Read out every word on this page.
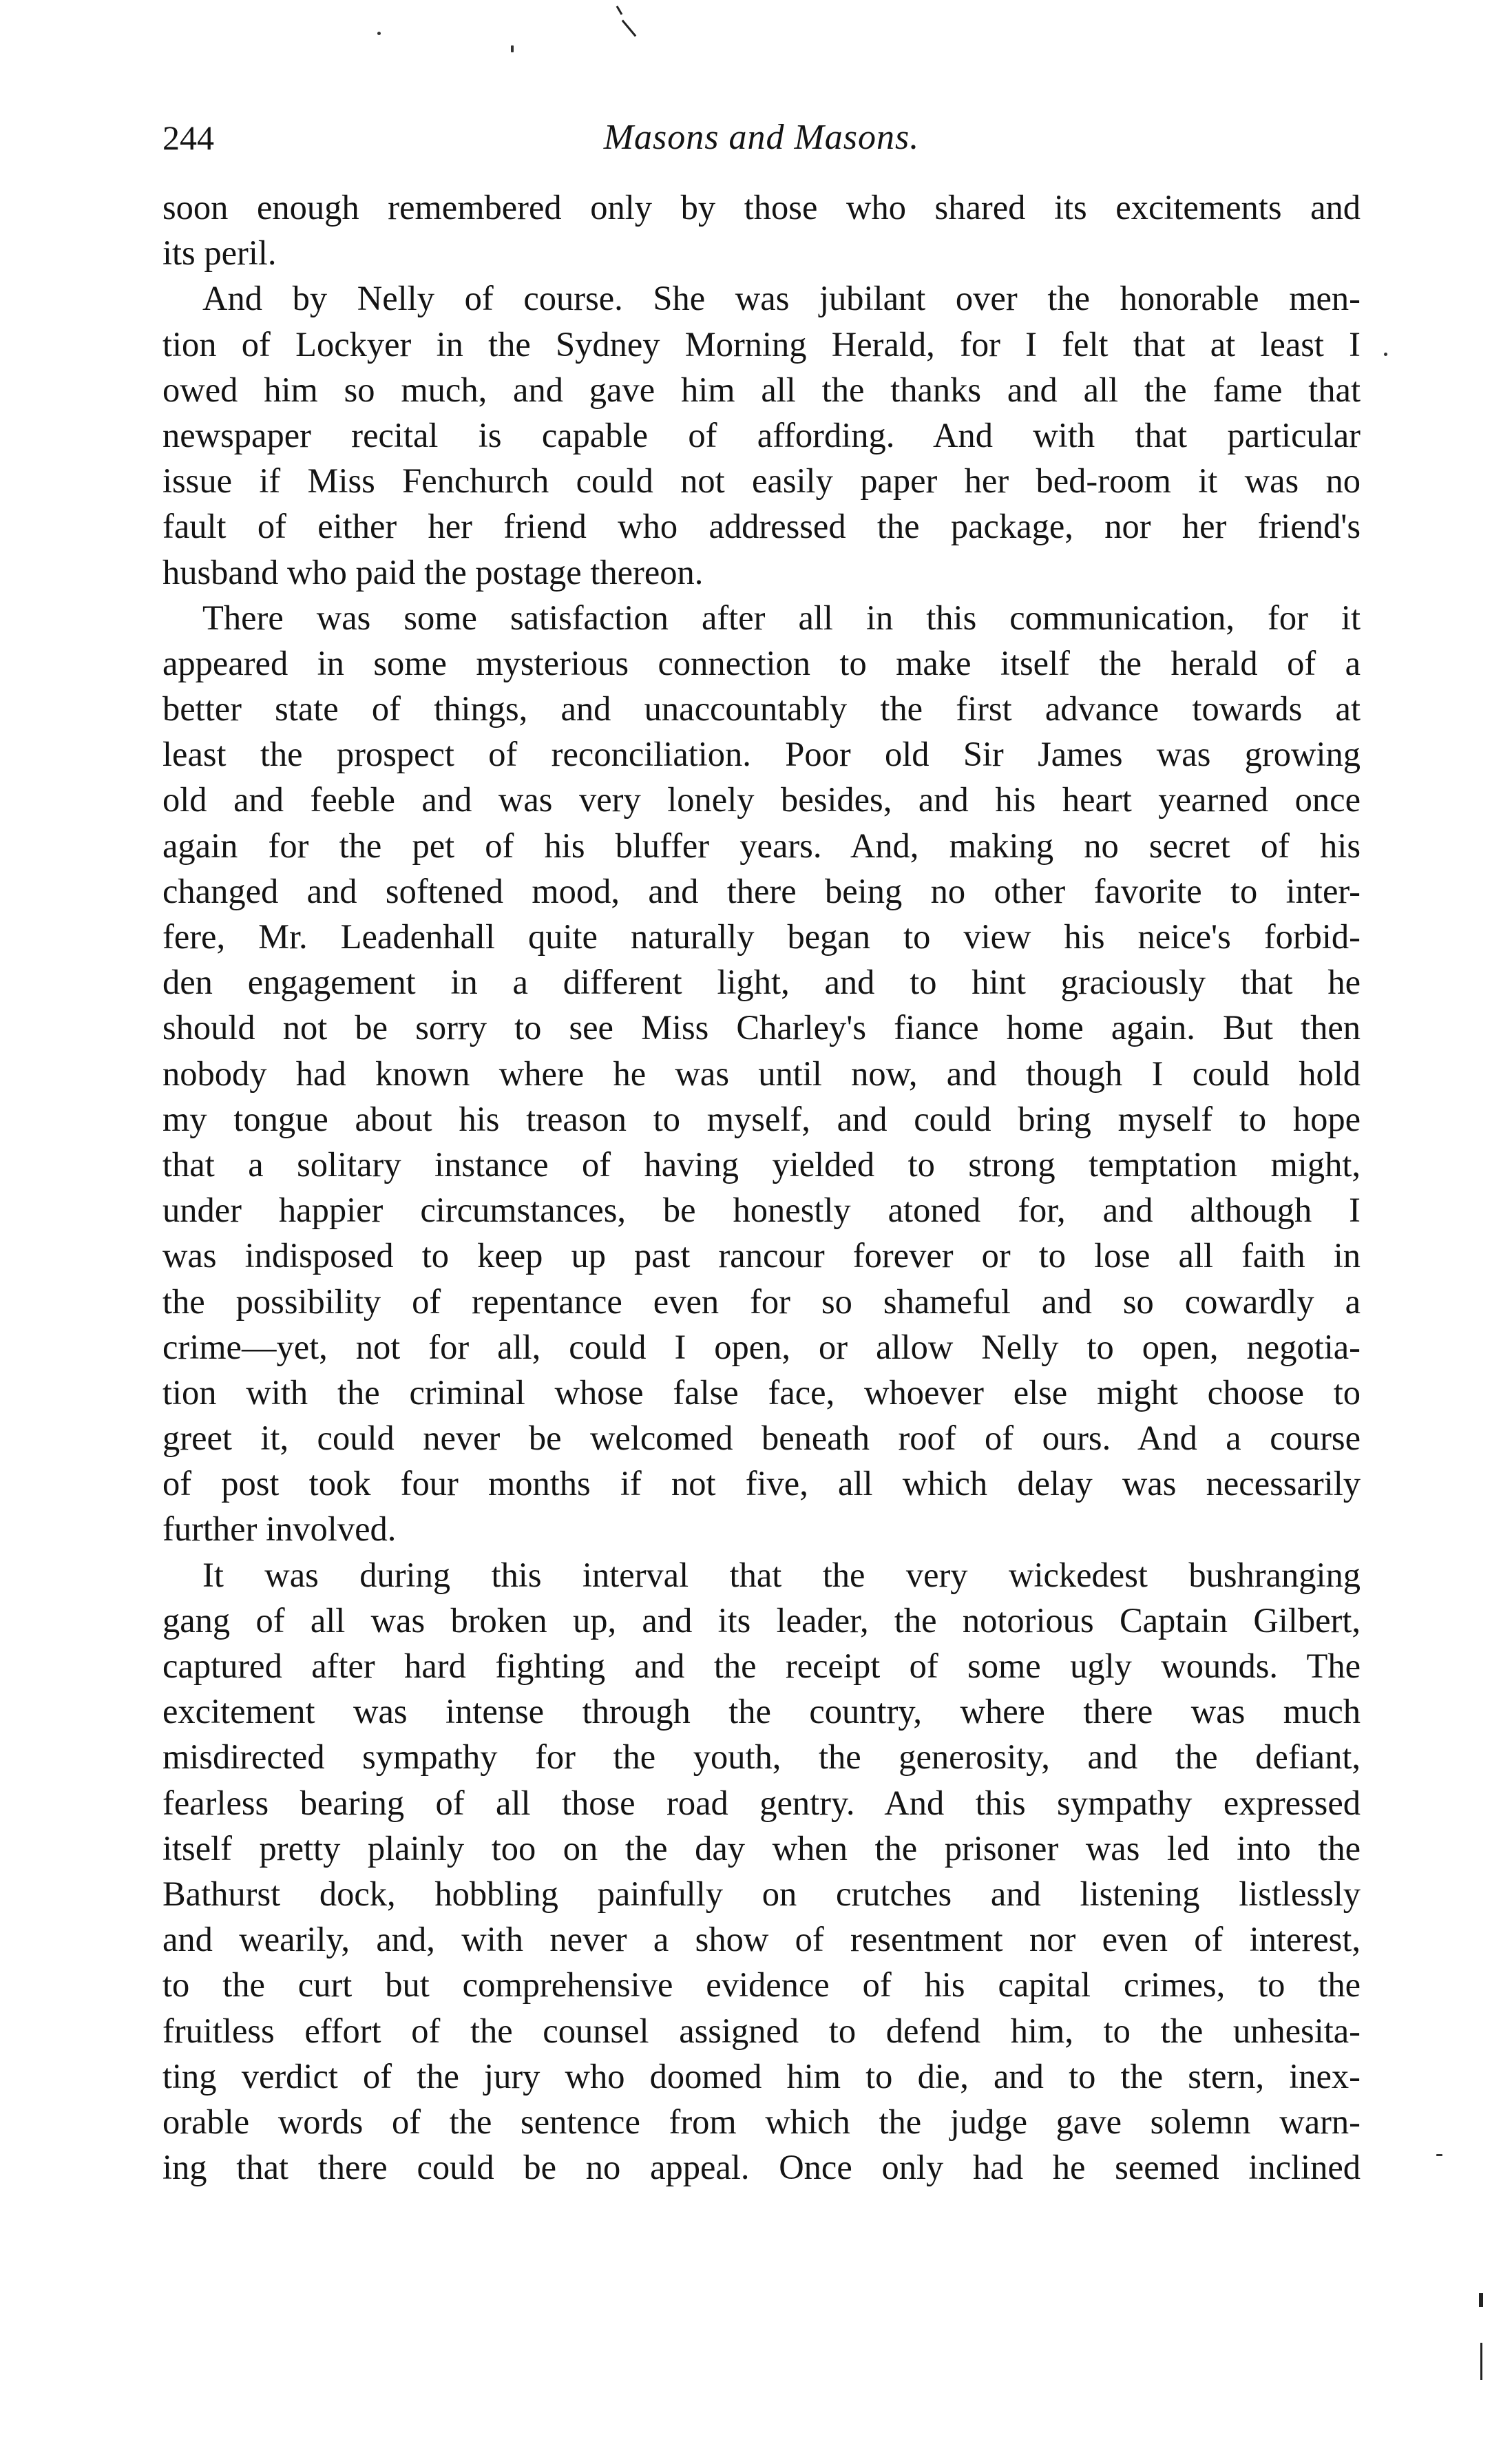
244	Masons and Masons.
soon enough remembered only by those who shared its excitements and
its peril.
And by Nelly of course. She was jubilant over the honorable men-
tion of Lockyer in the Sydney Morning Herald, for I felt that at least I
owed him so much, and gave him all the thanks and all the fame that
newspaper recital is capable of affording. And with that particular
issue if Miss Fenchurch could not easily paper her bed-room it was no
fault of either her friend who addressed the package, nor her friend's
husband who paid the postage thereon.
There was some satisfaction after all in this communication, for it
appeared in some mysterious connection to make itself the herald of a
better state of things, and unaccountably the first advance towards at
least the prospect of reconciliation. Poor old Sir James was growing
old and feeble and was very lonely besides, and his heart yearned once
again for the pet of his bluffer years. And, making no secret of his
changed and softened mood, and there being no other favorite to inter-
fere, Mr. Leadenhall quite naturally began to view his neice's forbid-
den engagement in a different light, and to hint graciously that he
should not be sorry to see Miss Charley's fiance home again. But then
nobody had known where he was until now, and though I could hold
my tongue about his treason to myself, and could bring myself to hope
that a solitary instance of having yielded to strong temptation might,
under happier circumstances, be honestly atoned for, and although I
was indisposed to keep up past rancour forever or to lose all faith in
the possibility of repentance even for so shameful and so cowardly a
crime—yet, not for all, could I open, or allow Nelly to open, negotia-
tion with the criminal whose false face, whoever else might choose to
greet it, could never be welcomed beneath roof of ours. And a course
of post took four months if not five, all which delay was necessarily
further involved.
It was during this interval that the very wickedest bushranging
gang of all was broken up, and its leader, the notorious Captain Gilbert,
captured after hard fighting and the receipt of some ugly wounds. The
excitement was intense through the country, where there was much
misdirected sympathy for the youth, the generosity, and the defiant,
fearless bearing of all those road gentry. And this sympathy expressed
itself pretty plainly too on the day when the prisoner was led into the
Bathurst dock, hobbling painfully on crutches and listening listlessly
and wearily, and, with never a show of resentment nor even of interest,
to the curt but comprehensive evidence of his capital crimes, to the
fruitless effort of the counsel assigned to defend him, to the unhesita-
ting verdict of the jury who doomed him to die, and to the stern, inex-
orable words of the sentence from which the judge gave solemn warn-
ing that there could be no appeal. Once only had he seemed inclined
